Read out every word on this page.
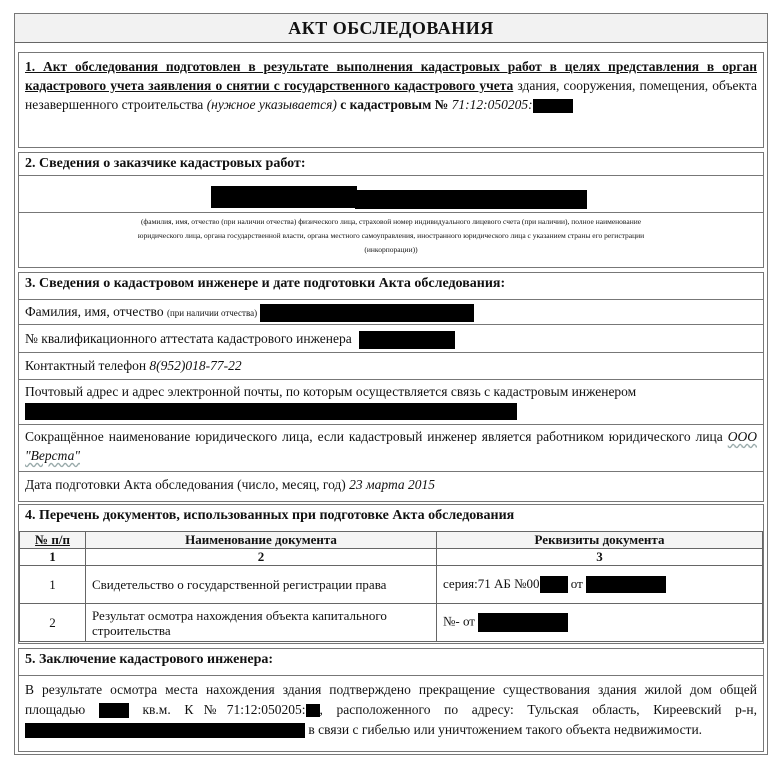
АКТ ОБСЛЕДОВАНИЯ

1. Акт обследования подготовлен в результате выполнения кадастровых работ в целях представления в орган кадастрового учета заявления о снятии с государственного кадастрового учета здания, сооружения, помещения, объекта незавершенного строительства (нужное указывается) с кадастровым № 71:12:050205:

2. Сведения о заказчике кадастровых работ:
(фамилия, имя, отчество (при наличии отчества) физического лица, страховой номер индивидуального лицевого счета (при наличии), полное наименование
юридического лица, органа государственной власти, органа местного самоуправления, иностранного юридического лица с указанием страны его регистрации
(инкорпорации))
3. Сведения о кадастровом инженере и дате подготовки Акта обследования:
Фамилия, имя, отчество (при наличии отчества)
№ квалификационного аттестата кадастрового инженера
Контактный телефон 8(952)018-77-22
Почтовый адрес и адрес электронной почты, по которым осуществляется связь с кадастровым инженером
Сокращённое наименование юридического лица, если кадастровый инженер является работником юридического лица ООО "Верста"
Дата подготовки Акта обследования (число, месяц, год) 23 марта 2015
4. Перечень документов, использованных при подготовке Акта обследования
№ п/п	Наименование документа	Реквизиты документа
1	2	3
1	Свидетельство о государственной регистрации права	серия:71 АБ №00 от
2	Результат осмотра нахождения объекта капитального строительства	№- от
5. Заключение кадастрового инженера:

В результате осмотра места нахождения здания подтверждено прекращение существования здания жилой дом общей площадью	кв.м. К№71:12:050205: , расположенного по адресу: Тульская область, Киреевский р-н,  в связи с гибелью или уничтожением такого объекта недвижимости.
